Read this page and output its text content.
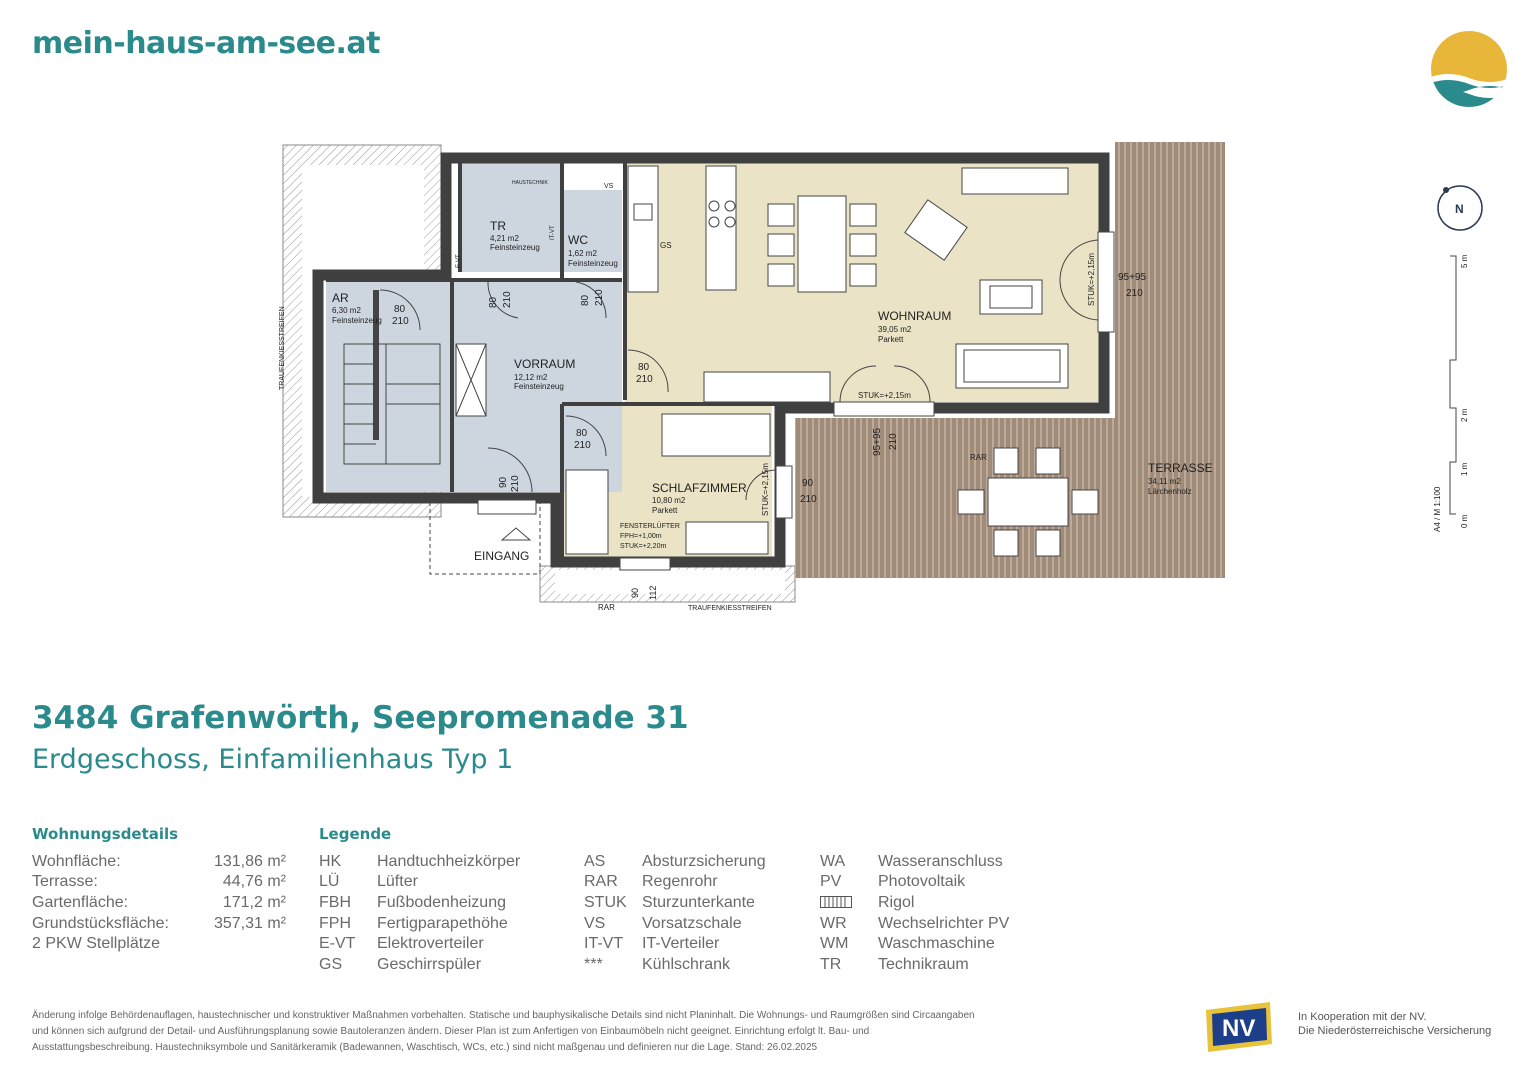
mein-haus-am-see.at
TR
4,21 m2
Feinsteinzeug
HAUSTECHNIK
WC
1,62 m2
Feinsteinzeug
VS
AR
6,30 m2
Feinsteinzeug
VORRAUM
12,12 m2
Feinsteinzeug
WOHNRAUM
39,05 m2
Parkett
SCHLAFZIMMER
10,80 m2
Parkett
TERRASSE
34,11 m2
Lärchenholz
EINGANG
GS
RAR
RAR	TRAUFENKIESSTREIFEN
TRAUFENKIESSTREIFEN
E-VT
IT-VT
STUK=+2,15m
STUK=+2,15m
STUK=+2,15m
95+95
210
95+95 210
FENSTERLÜFTER
FPH=+1,00m
STUK=+2,20m
80
210
80 210	80 210
80
210
80
210
90 210	90
210
90 112
N
0 m
1 m
2 m
5 m
A4 / M 1:100
3484 Grafenwörth, Seepromenade 31
Erdgeschoss, Einfamilienhaus Typ 1
Wohnungsdetails
Wohnfläche:	131,86 m²
Terrasse:	44,76 m²
Gartenfläche:	171,2 m²
Grundstücksfläche:	357,31 m²
2 PKW Stellplätze
Legende
HK Handtuchheizkörper
LÜ Lüfter
FBH Fußbodenheizung
FPH Fertigparapethöhe
E-VT Elektroverteiler
GS Geschirrspüler
AS Absturzsicherung
RAR Regenrohr
STUK Sturzunterkante
VS Vorsatzschale
IT-VT IT-Verteiler
*** Kühlschrank
WA Wasseranschluss
PV Photovoltaik
Rigol
WR Wechselrichter PV
WM Waschmaschine
TR Technikraum
Änderung infolge Behördenauflagen, haustechnischer und konstruktiver Maßnahmen vorbehalten. Statische und bauphysikalische Details sind nicht Planinhalt. Die Wohnungs- und Raumgrößen sind Circaangaben und können sich aufgrund der Detail- und Ausführungsplanung sowie Bautoleranzen ändern. Dieser Plan ist zum Anfertigen von Einbaumöbeln nicht geeignet. Einrichtung erfolgt lt. Bau- und Ausstattungsbeschreibung. Haustechniksymbole und Sanitärkeramik (Badewannen, Waschtisch, WCs, etc.) sind nicht maßgenau und definieren nur die Lage. Stand: 26.02.2025
NV	In Kooperation mit der NV.
Die Niederösterreichische Versicherung
